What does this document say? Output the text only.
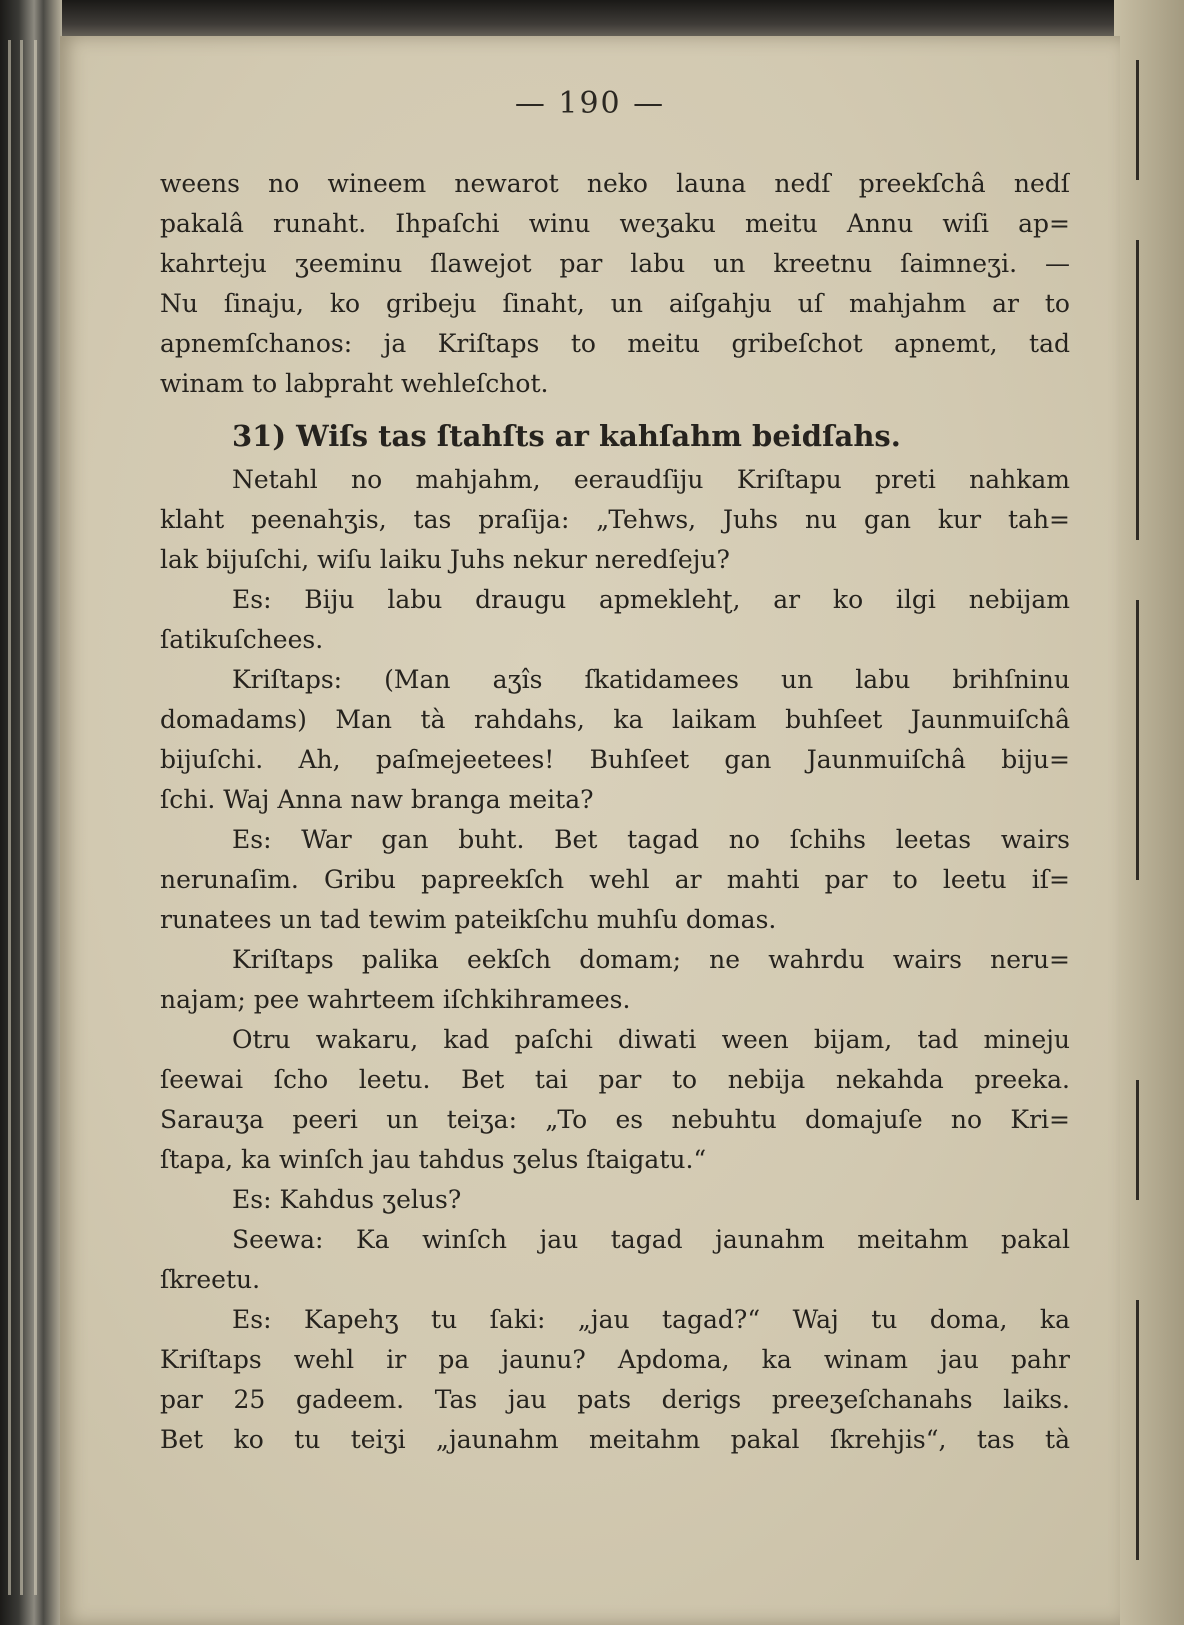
— 190 —
weens no wineem newarot neko launa nedſ preekſchâ nedſ
pakalâ runaht. Ihpaſchi winu weʒaku meitu Annu wiſi ap=
kahrteju ʒeeminu ſlawejot par labu un kreetnu ſaimneʒi. —
Nu ſinaju, ko gribeju ſinaht, un aiſgahju uſ mahjahm ar to
apnemſchanos: ja Kriſtaps to meitu gribeſchot apnemt, tad
winam to labpraht wehleſchot.
31) Wiſs tas ſtahſts ar kahſahm beidſahs.
Netahl no mahjahm, eeraudſiju Kriſtapu preti nahkam
klaht peenahʒis, tas praſija: „Tehws, Juhs nu gan kur tah=
lak bijuſchi, wiſu laiku Juhs nekur neredſeju?
Es: Biju labu draugu apmeklehʈ, ar ko ilgi nebijam
ſatikuſchees.
Kriſtaps: (Man aʒîs ſkatidamees un labu brihſninu
domadams) Man tà rahdahs, ka laikam buhſeet Jaunmuiſchâ
bijuſchi. Ah, paſmejeetees! Buhſeet gan Jaunmuiſchâ biju=
ſchi. Waj Anna naw branga meita?
Es: War gan buht. Bet tagad no ſchihs leetas wairs
nerunaſim. Gribu papreekſch wehl ar mahti par to leetu iſ=
runatees un tad tewim pateikſchu muhſu domas.
Kriſtaps palika eekſch domam; ne wahrdu wairs neru=
najam; pee wahrteem iſchkihramees.
Otru wakaru, kad paſchi diwati ween bijam, tad mineju
ſeewai ſcho leetu. Bet tai par to nebija nekahda preeka.
Sarauʒa peeri un teiʒa: „To es nebuhtu domajuſe no Kri=
ſtapa, ka winſch jau tahdus ʒelus ſtaigatu.“
Es: Kahdus ʒelus?
Seewa: Ka winſch jau tagad jaunahm meitahm pakal
ſkreetu.
Es: Kapehʒ tu ſaki: „jau tagad?“ Waj tu doma, ka
Kriſtaps wehl ir pa jaunu? Apdoma, ka winam jau pahr
par 25 gadeem. Tas jau pats derigs preeʒeſchanahs laiks.
Bet ko tu teiʒi „jaunahm meitahm pakal ſkrehjis“, tas tà
